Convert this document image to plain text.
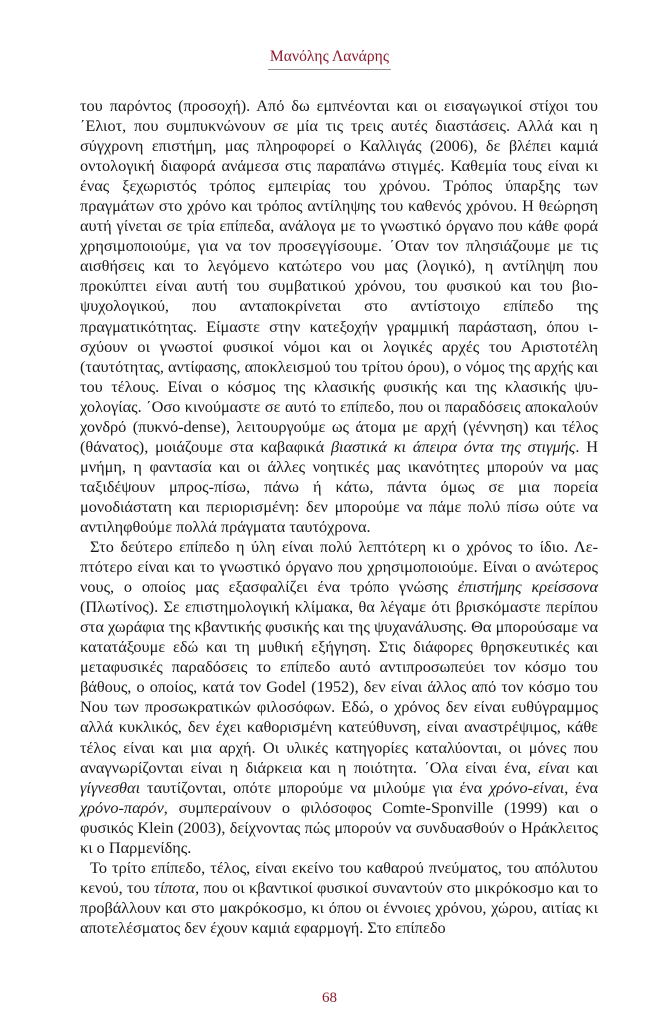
Μανόλης Λανάρης

του παρόντος (προσοχή). Από δω εμπνέονται και οι εισαγωγικοί στίχοι του ΄Ελιοτ, που συμπυκνώνουν σε μία τις τρεις αυτές διαστάσεις. Αλλά και η σύγχρονη επιστήμη, μας πληροφορεί ο Καλλιγάς (2006), δε βλέπει καμιά οντολογική διαφορά ανάμεσα στις παραπάνω στιγμές. Καθεμία τους είναι κι ένας ξεχωριστός τρόπος εμπειρίας του χρόνου. Τρόπος ύπαρξης των πραγμάτων στο χρόνο και τρόπος αντίληψης του καθενός χρόνου. Η θεώρηση αυτή γίνεται σε τρία επίπεδα, ανάλογα με το γνωστικό όργανο που κάθε φορά χρησιμοποιούμε, για να τον προσεγγίσουμε. ΄Οταν τον πλησιάζουμε με τις αισθήσεις και το λεγόμενο κατώτερο νου μας (λογικό), η αντίληψη που προκύπτει είναι αυτή του συμβατικού χρόνου, του φυσικού και του βιο-ψυχολογικού, που ανταποκρίνεται στο αντίστοιχο επίπεδο της πραγματικότητας. Είμαστε στην κατεξοχήν γραμμική παράσταση, όπου ισχύουν οι γνωστοί φυσικοί νόμοι και οι λογικές αρχές του Αριστοτέλη (ταυτότητας, αντίφασης, αποκλεισμού του τρίτου όρου), ο νόμος της αρχής και του τέλους. Είναι ο κόσμος της κλασικής φυσικής και της κλασικής ψυχολογίας. ΄Οσο κινούμαστε σε αυτό το επίπεδο, που οι παραδόσεις αποκαλούν χονδρό (πυκνό-dense), λειτουργούμε ως άτομα με αρχή (γέννηση) και τέλος (θάνατος), μοιάζουμε στα καβαφικά βιαστικά κι άπειρα όντα της στιγμής. Η μνήμη, η φαντασία και οι άλλες νοητικές μας ικανότητες μπορούν να μας ταξιδέψουν μπρος-πίσω, πάνω ή κάτω, πάντα όμως σε μια πορεία μονοδιάστατη και περιορισμένη: δεν μπορούμε να πάμε πολύ πίσω ούτε να αντιληφθούμε πολλά πράγματα ταυτόχρονα.

Στο δεύτερο επίπεδο η ύλη είναι πολύ λεπτότερη κι ο χρόνος το ίδιο. Λεπτότερο είναι και το γνωστικό όργανο που χρησιμοποιούμε. Είναι ο ανώτερος νους, ο οποίος μας εξασφαλίζει ένα τρόπο γνώσης ἐπιστήμης κρείσσονα (Πλωτίνος). Σε επιστημολογική κλίμακα, θα λέγαμε ότι βρισκόμαστε περίπου στα χωράφια της κβαντικής φυσικής και της ψυχανάλυσης. Θα μπορούσαμε να κατατάξουμε εδώ και τη μυθική εξήγηση. Στις διάφορες θρησκευτικές και μεταφυσικές παραδόσεις το επίπεδο αυτό αντιπροσωπεύει τον κόσμο του βάθους, ο οποίος, κατά τον Godel (1952), δεν είναι άλλος από τον κόσμο του Νου των προσωκρατικών φιλοσόφων. Εδώ, ο χρόνος δεν είναι ευθύγραμμος αλλά κυκλικός, δεν έχει καθορισμένη κατεύθυνση, είναι αναστρέψιμος, κάθε τέλος είναι και μια αρχή. Οι υλικές κατηγορίες καταλύονται, οι μόνες που αναγνωρίζονται είναι η διάρκεια και η ποιότητα. ΄Ολα είναι ένα, είναι και γίγνεσθαι ταυτίζονται, οπότε μπορούμε να μιλούμε για ένα χρόνο-είναι, ένα χρόνο-παρόν, συμπεραίνουν ο φιλόσοφος Comte-Sponville (1999) και ο φυσικός Klein (2003), δείχνοντας πώς μπορούν να συνδυασθούν ο Ηράκλειτος κι ο Παρμενίδης.

Το τρίτο επίπεδο, τέλος, είναι εκείνο του καθαρού πνεύματος, του απόλυτου κενού, του τίποτα, που οι κβαντικοί φυσικοί συναντούν στο μικρόκοσμο και το προβάλλουν και στο μακρόκοσμο, κι όπου οι έννοιες χρόνου, χώρου, αιτίας κι αποτελέσματος δεν έχουν καμιά εφαρμογή. Στο επίπεδο

68
